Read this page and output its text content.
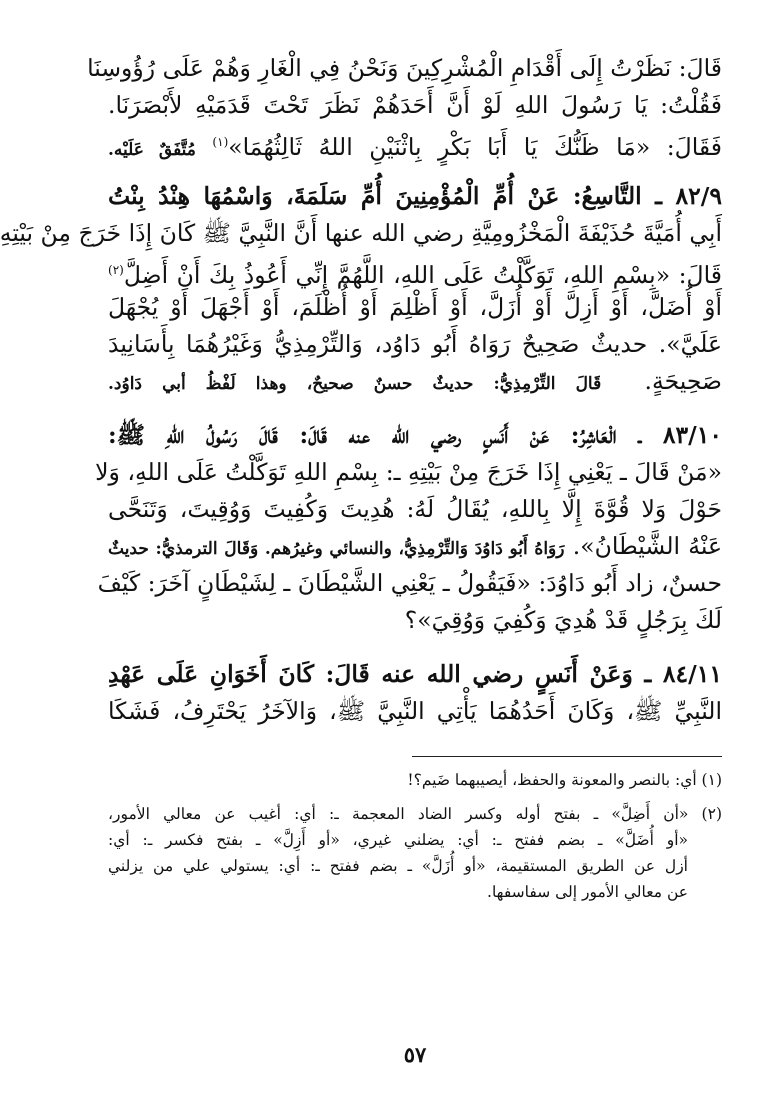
قَالَ: نَظَرْتُ إِلَى أَقْدَامِ الْمُشْرِكِينَ وَنَحْنُ فِي الْغَارِ وَهُمْ عَلَى رُؤُوسِنَا
فَقُلْتُ: يَا رَسُولَ اللهِ لَوْ أَنَّ أَحَدَهُمْ نَظَرَ تَحْتَ قَدَمَيْهِ لأَبْصَرَنَا.
فَقَالَ: «مَا ظَنُّكَ يَا أَبَا بَكْرٍ بِاثْنَيْنِ اللهُ ثَالِثُهُمَا»$^{(١)}$ مُتَّفَقٌ عَلَيْه.
٨٢/٩ ـ التَّاسِعُ: عَنْ أُمِّ الْمُؤْمِنِينَ أُمِّ سَلَمَةَ، وَاسْمُهَا هِنْدُ بِنْتُ
أَبِي أُمَيَّةَ حُذَيْفَةَ الْمَخْزُومِيَّةِ رضي الله عنها أَنَّ النَّبِيَّ ﷺ كَانَ إِذَا خَرَجَ مِنْ بَيْتِهِ
قَالَ: «بِسْمِ اللهِ، تَوَكَّلْتُ عَلَى اللهِ، اللَّهُمَّ إِنِّي أَعُوذُ بِكَ أَنْ أَضِلَّ$^{(٢)}$
أَوْ أُضَلَّ، أَوْ أَزِلَّ أَوْ أُزَلَّ، أَوْ أَظْلِمَ أَوْ أُظْلَمَ، أَوْ أَجْهَلَ أَوْ يُجْهَلَ
عَلَيَّ». حديثٌ صَحِيحٌ رَوَاهُ أَبُو دَاوُد، وَالتِّرْمِذِيُّ وَغَيْرُهُمَا بِأَسَانِيدَ
صَحِيحَةٍ.  قَالَ التِّرْمِذِيُّ: حديثٌ حسنٌ صحيحٌ، وهذا لَفْظُ أبي دَاوُد.
٨٣/١٠ ـ الْعَاشِرُ: عَنْ أَنَسٍ رضي الله عنه قَالَ: قَالَ رَسُولُ اللهِ ﷺ:
«مَنْ قَالَ ـ يَعْنِي إِذَا خَرَجَ مِنْ بَيْتِهِ ـ: بِسْمِ اللهِ تَوَكَّلْتُ عَلَى اللهِ، وَلا
حَوْلَ وَلا قُوَّةَ إِلَّا بِاللهِ، يُقَالُ لَهُ: هُدِيتَ وَكُفِيتَ وَوُقِيتَ، وَتَنَحَّى
عَنْهُ الشَّيْطَانُ». رَوَاهُ أَبُو دَاوُدَ وَالتِّرْمِذِيُّ، والنسائي وغيرُهم. وَقَالَ الترمذيُّ: حديثٌ
حسنٌ، زاد أَبُو دَاوُدَ: «فَيَقُولُ ـ يَعْنِي الشَّيْطَانَ ـ لِشَيْطَانٍ آخَرَ: كَيْفَ
لَكَ بِرَجُلٍ قَدْ هُدِيَ وَكُفِيَ وَوُقِيَ»؟
٨٤/١١ ـ وَعَنْ أَنَسٍ رضي الله عنه قَالَ: كَانَ أَخَوَانِ عَلَى عَهْدِ
النَّبِيِّ ﷺ، وَكَانَ أَحَدُهُمَا يَأْتِي النَّبِيَّ ﷺ، وَالآخَرُ يَحْتَرِفُ، فَشَكَا
(١) أي: بالنصر والمعونة والحفظ، أيصيبهما ضَيم؟!
(٢) «أن أَضِلَّ» ـ بفتح أوله وكسر الضاد المعجمة ـ: أي: أغيب عن معالي الأمور،
«أو أُضَلَّ» ـ بضم ففتح ـ: أي: يضلني غيري، «أو أَزِلَّ» ـ بفتح فكسر ـ: أي:
أزل عن الطريق المستقيمة، «أو أُزَلَّ» ـ بضم ففتح ـ: أي: يستولي علي من يزلني
عن معالي الأمور إلى سفاسفها.
٥٧
